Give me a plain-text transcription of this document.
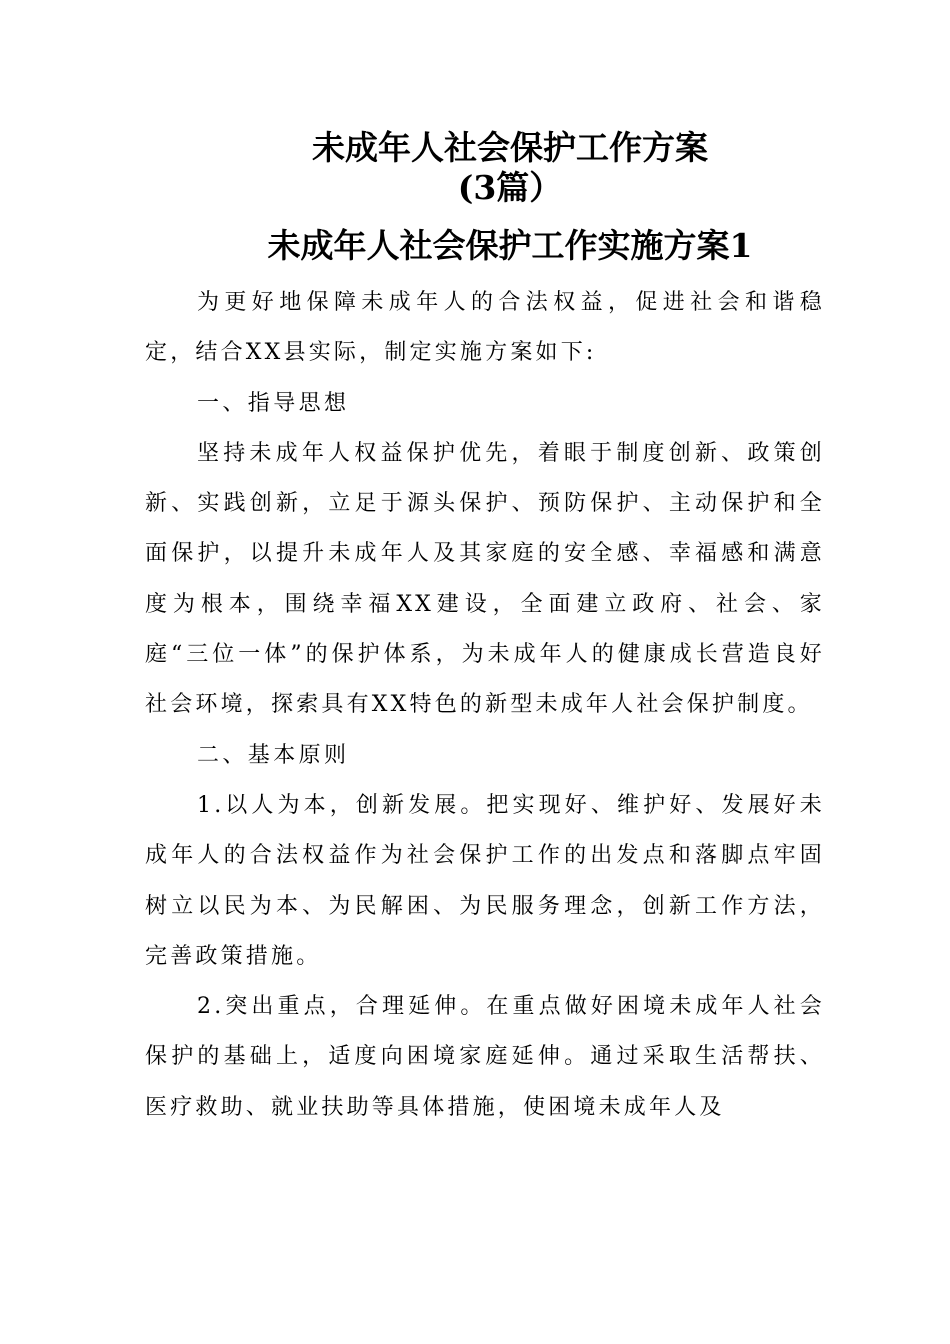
未成年人社会保护工作方案
(3篇）
未成年人社会保护工作实施方案1

为更好地保障未成年人的合法权益，促进社会和谐稳定，结合XX县实际，制定实施方案如下:

一、指导思想

坚持未成年人权益保护优先，着眼于制度创新、政策创新、实践创新，立足于源头保护、预防保护、主动保护和全面保护，以提升未成年人及其家庭的安全感、幸福感和满意度为根本，围绕幸福XX建设，全面建立政府、社会、家庭“三位一体”的保护体系，为未成年人的健康成长营造良好社会环境，探索具有XX特色的新型未成年人社会保护制度。

二、基本原则

1.以人为本，创新发展。把实现好、维护好、发展好未成年人的合法权益作为社会保护工作的出发点和落脚点牢固树立以民为本、为民解困、为民服务理念，创新工作方法，完善政策措施。

2.突出重点，合理延伸。在重点做好困境未成年人社会保护的基础上，适度向困境家庭延伸。通过采取生活帮扶、医疗救助、就业扶助等具体措施，使困境未成年人及
